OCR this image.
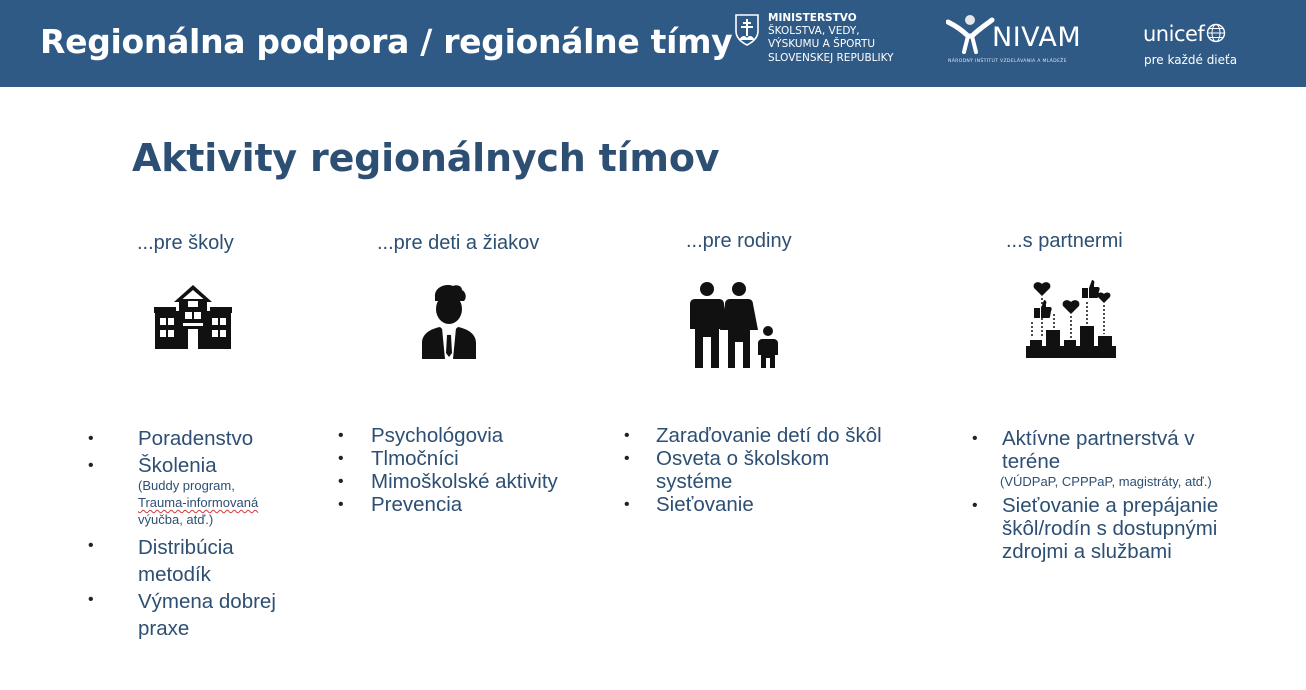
Regionálna podpora / regionálne tímy
MINISTERSTVO
ŠKOLSTVA, VEDY,
VÝSKUMU A ŠPORTU
SLOVENSKEJ REPUBLIKY
NIVAM
NÁRODNÝ INŠTITÚT VZDELÁVANIA A MLÁDEŽE
unicef
pre každé dieťa
Aktivity regionálnych tímov
...pre školy	...pre deti a žiakov	...pre rodiny	...s partnermi
• Poradenstvo
• Školenia
(Buddy program,
Trauma-informovaná
výučba, atď.)
• Distribúcia
metodík
• Výmena dobrej
praxe
• Psychológovia
• Tlmočníci
• Mimoškolské aktivity
• Prevencia
• Zaraďovanie detí do škôl
• Osveta o školskom
systéme
• Sieťovanie
• Aktívne partnerstvá v
teréne
(VÚDPaP, CPPPaP, magistráty, atď.)
• Sieťovanie a prepájanie
škôl/rodín s dostupnými
zdrojmi a službami
